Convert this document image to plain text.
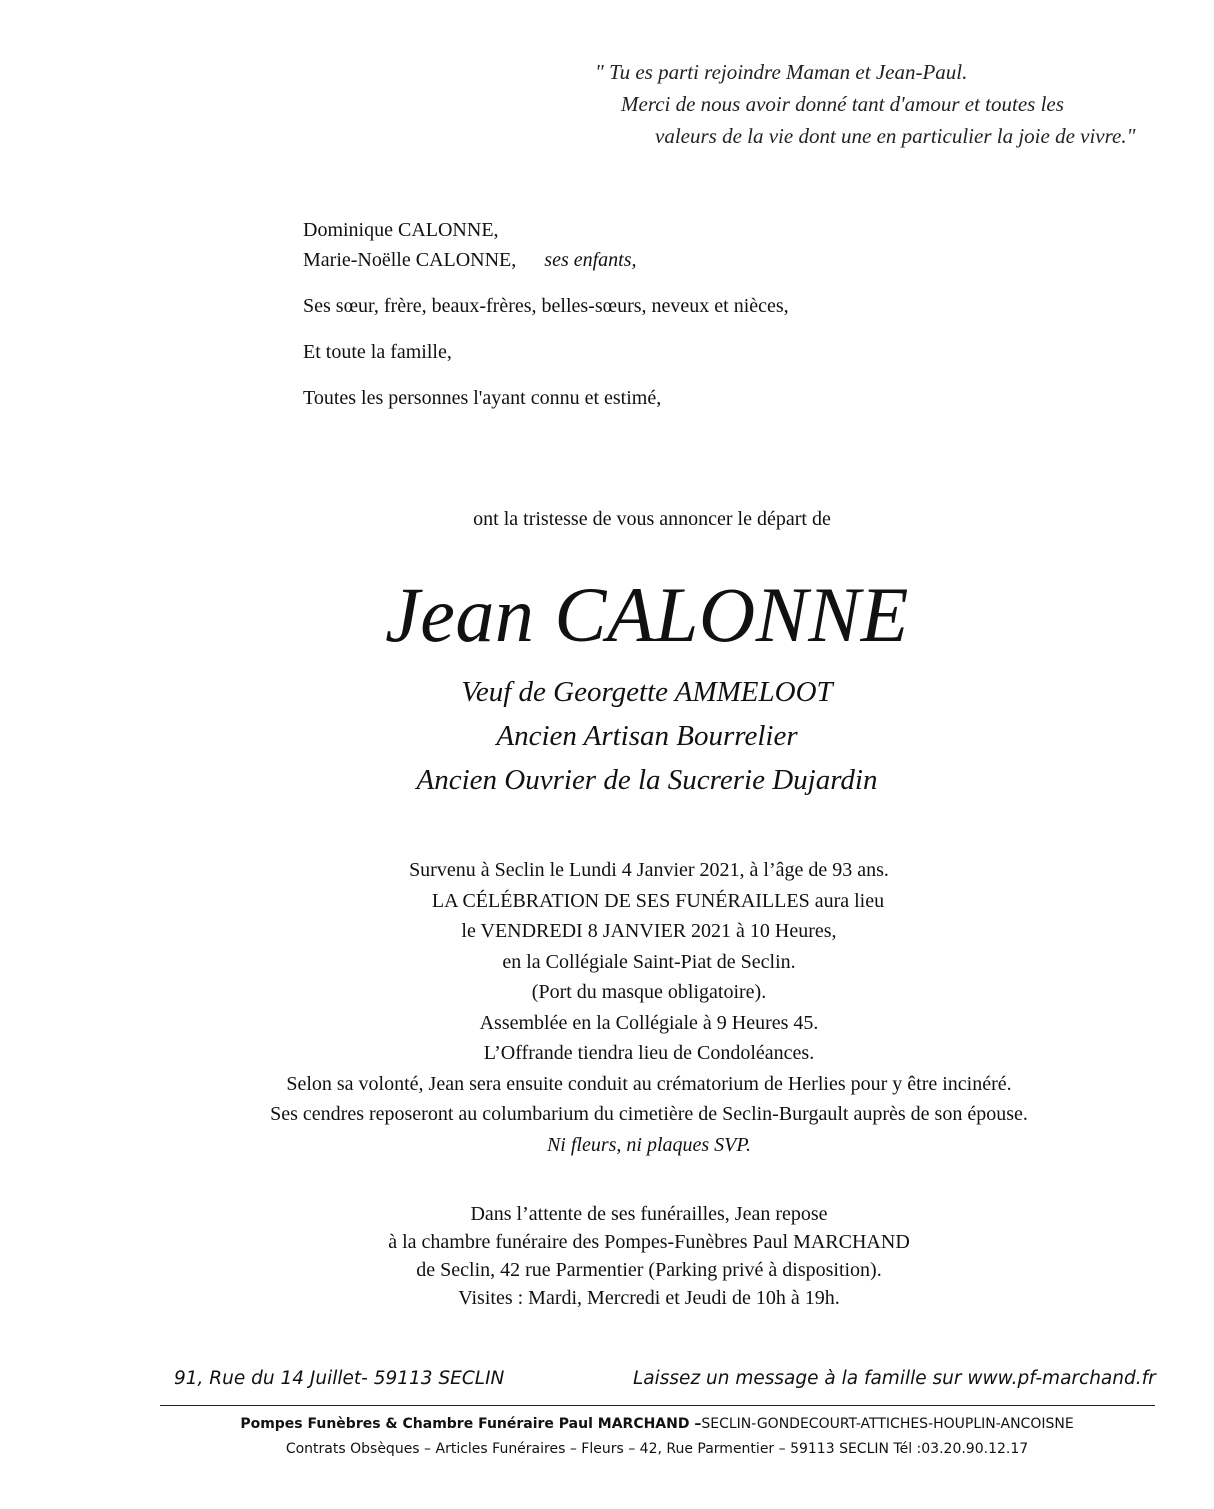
" Tu es parti rejoindre Maman et Jean-Paul.
Merci de nous avoir donné tant d'amour et toutes les
valeurs de la vie dont une en particulier la joie de vivre."
Dominique CALONNE,
Marie-Noëlle CALONNE, ses enfants,
Ses sœur, frère, beaux-frères, belles-sœurs, neveux et nièces,
Et toute la famille,
Toutes les personnes l'ayant connu et estimé,
ont la tristesse de vous annoncer le départ de
Jean CALONNE
Veuf de Georgette AMMELOOT
Ancien Artisan Bourrelier
Ancien Ouvrier de la Sucrerie Dujardin
Survenu à Seclin le Lundi 4 Janvier 2021, à l’âge de 93 ans.
LA CÉLÉBRATION DE SES FUNÉRAILLES aura lieu
le VENDREDI 8 JANVIER 2021 à 10 Heures,
en la Collégiale Saint-Piat de Seclin.
(Port du masque obligatoire).
Assemblée en la Collégiale à 9 Heures 45.
L’Offrande tiendra lieu de Condoléances.
Selon sa volonté, Jean sera ensuite conduit au crématorium de Herlies pour y être incinéré.
Ses cendres reposeront au columbarium du cimetière de Seclin-Burgault auprès de son épouse.
Ni fleurs, ni plaques SVP.
Dans l’attente de ses funérailles, Jean repose
à la chambre funéraire des Pompes-Funèbres Paul MARCHAND
de Seclin, 42 rue Parmentier (Parking privé à disposition).
Visites : Mardi, Mercredi et Jeudi de 10h à 19h.
91, Rue du 14 Juillet- 59113 SECLIN	Laissez un message à la famille sur www.pf-marchand.fr
Pompes Funèbres & Chambre Funéraire Paul MARCHAND –SECLIN-GONDECOURT-ATTICHES-HOUPLIN-ANCOISNE
Contrats Obsèques – Articles Funéraires – Fleurs – 42, Rue Parmentier – 59113 SECLIN Tél :03.20.90.12.17
